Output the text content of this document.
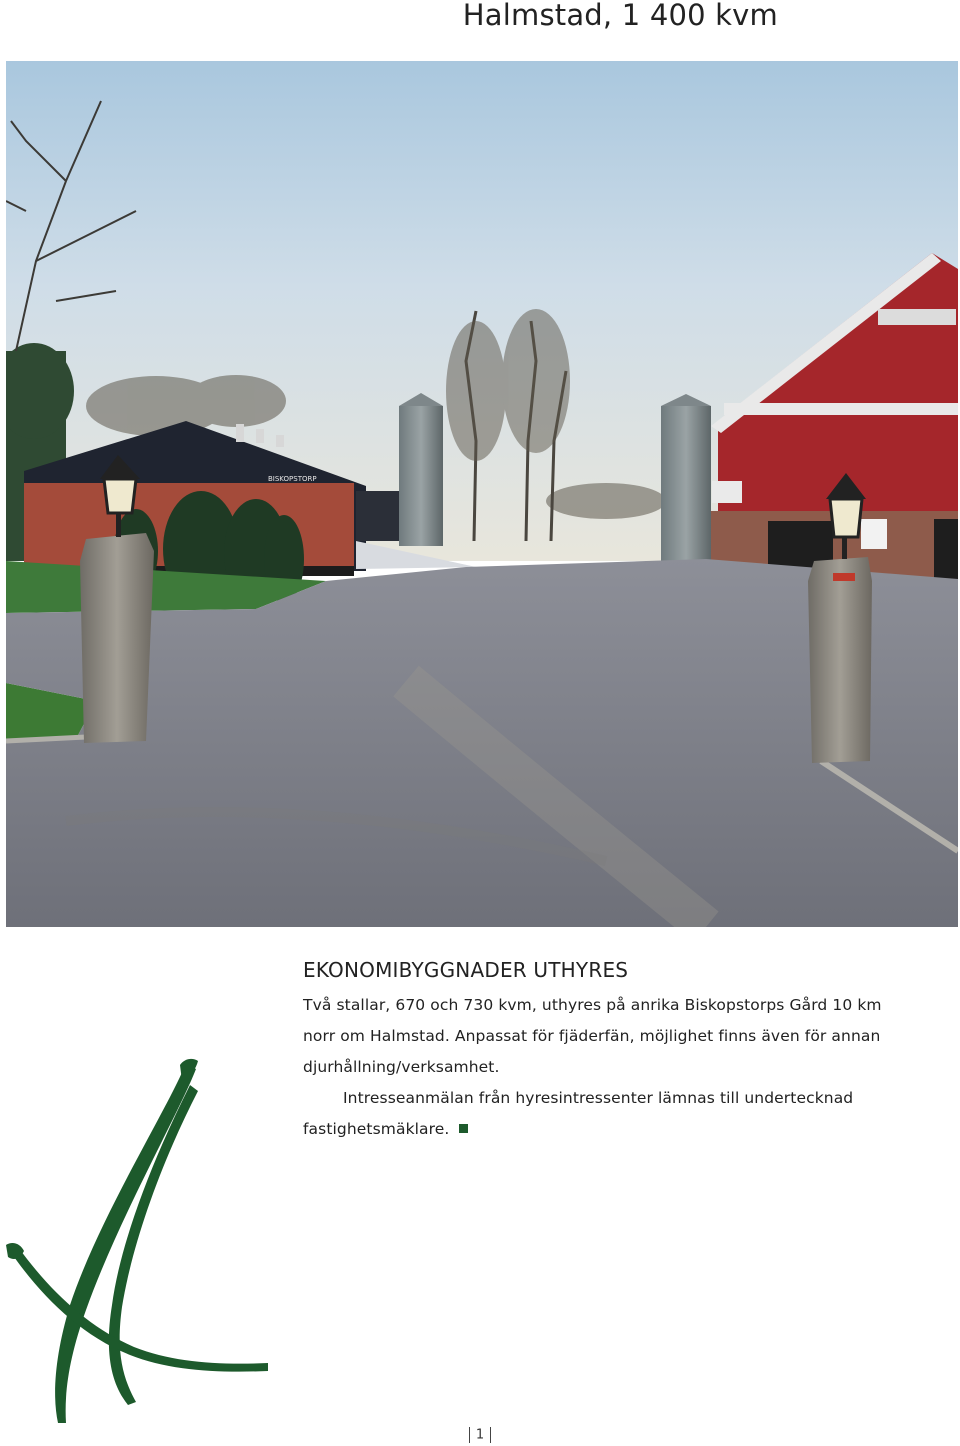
Halmstad, 1 400 kvm
BISKOPSTORP
EKONOMIBYGGNADER UTHYRES

Två stallar, 670 och 730 kvm, uthyres på anrika Biskopstorps Gård 10 km norr om Halmstad. Anpassat för fjäderfän, möjlighet finns även för annan djurhållning/verksamhet.

Intresseanmälan från hyresintressenter lämnas till undertecknad fastighetsmäklare.

1
